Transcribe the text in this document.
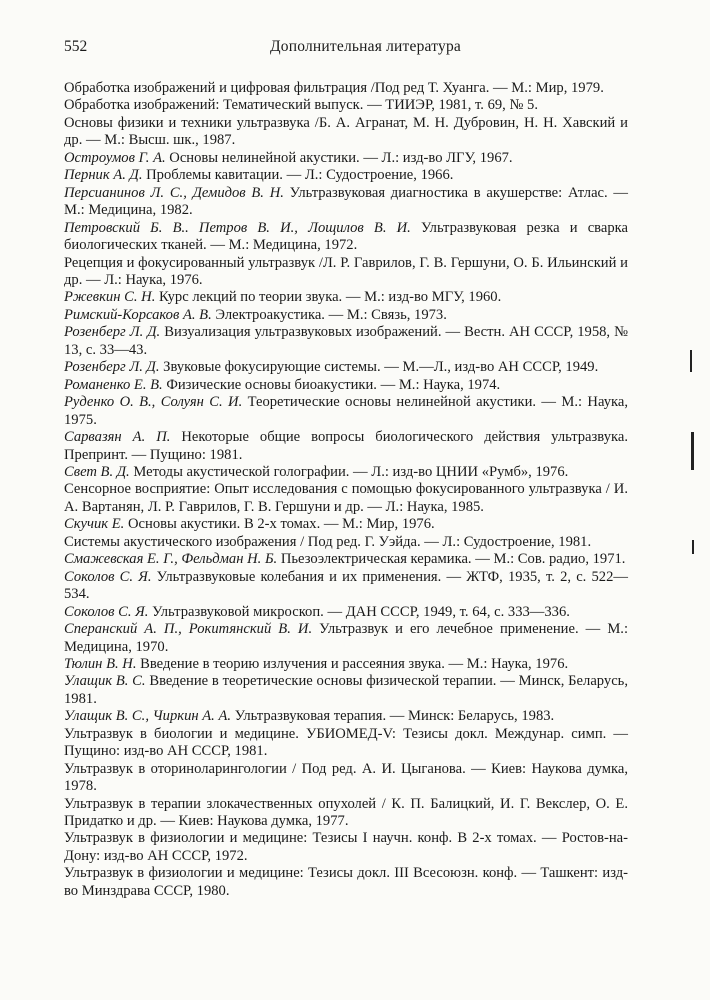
552	Дополнительная литература

Обработка изображений и цифровая фильтрация /Под ред Т. Хуанга. — М.: Мир, 1979.

Обработка изображений: Тематический выпуск. — ТИИЭР, 1981, т. 69, № 5.

Основы физики и техники ультразвука /Б. А. Агранат, М. Н. Дубровин, Н. Н. Хавский и др. — М.: Высш. шк., 1987.

Остроумов Г. А. Основы нелинейной акустики. — Л.: изд-во ЛГУ, 1967.

Перник А. Д. Проблемы кавитации. — Л.: Судостроение, 1966.

Персианинов Л. С., Демидов В. Н. Ультразвуковая диагностика в акушерстве: Атлас. — М.: Медицина, 1982.

Петровский Б. В.. Петров В. И., Лощилов В. И. Ультразвуковая резка и сварка биологических тканей. — М.: Медицина, 1972.

Рецепция и фокусированный ультразвук /Л. Р. Гаврилов, Г. В. Гершуни, О. Б. Ильинский и др. — Л.: Наука, 1976.

Ржевкин С. Н. Курс лекций по теории звука. — М.: изд-во МГУ, 1960.

Римский-Корсаков А. В. Электроакустика. — М.: Связь, 1973.

Розенберг Л. Д. Визуализация ультразвуковых изображений. — Вестн. АН СССР, 1958, № 13, с. 33—43.

Розенберг Л. Д. Звуковые фокусирующие системы. — М.—Л., изд-во АН СССР, 1949.

Романенко Е. В. Физические основы биоакустики. — М.: Наука, 1974.

Руденко О. В., Солуян С. И. Теоретические основы нелинейной акустики. — М.: Наука, 1975.

Сарвазян А. П. Некоторые общие вопросы биологического действия ультразвука. Препринт. — Пущино: 1981.

Свет В. Д. Методы акустической голографии. — Л.: изд-во ЦНИИ «Румб», 1976.

Сенсорное восприятие: Опыт исследования с помощью фокусированного ультразвука / И. А. Вартанян, Л. Р. Гаврилов, Г. В. Гершуни и др. — Л.: Наука, 1985.

Скучик Е. Основы акустики. В 2-х томах. — М.: Мир, 1976.

Системы акустического изображения / Под ред. Г. Уэйда. — Л.: Судостроение, 1981.

Смажевская Е. Г., Фельдман Н. Б. Пьезоэлектрическая керамика. — М.: Сов. радио, 1971.

Соколов С. Я. Ультразвуковые колебания и их применения. — ЖТФ, 1935, т. 2, с. 522—534.

Соколов С. Я. Ультразвуковой микроскоп. — ДАН СССР, 1949, т. 64, с. 333—336.

Сперанский А. П., Рокитянский В. И. Ультразвук и его лечебное применение. — М.: Медицина, 1970.

Тюлин В. Н. Введение в теорию излучения и рассеяния звука. — М.: Наука, 1976.

Улащик В. С. Введение в теоретические основы физической терапии. — Минск, Беларусь, 1981.

Улащик В. С., Чиркин А. А. Ультразвуковая терапия. — Минск: Беларусь, 1983.

Ультразвук в биологии и медицине. УБИОМЕД-V: Тезисы докл. Междунар. симп. — Пущино: изд-во АН СССР, 1981.

Ультразвук в оториноларингологии / Под ред. А. И. Цыганова. — Киев: Наукова думка, 1978.

Ультразвук в терапии злокачественных опухолей / К. П. Балицкий, И. Г. Векслер, О. Е. Придатко и др. — Киев: Наукова думка, 1977.

Ультразвук в физиологии и медицине: Тезисы I научн. конф. В 2-х томах. — Ростов-на-Дону: изд-во АН СССР, 1972.

Ультразвук в физиологии и медицине: Тезисы докл. III Всесоюзн. конф. — Ташкент: изд-во Минздрава СССР, 1980.
